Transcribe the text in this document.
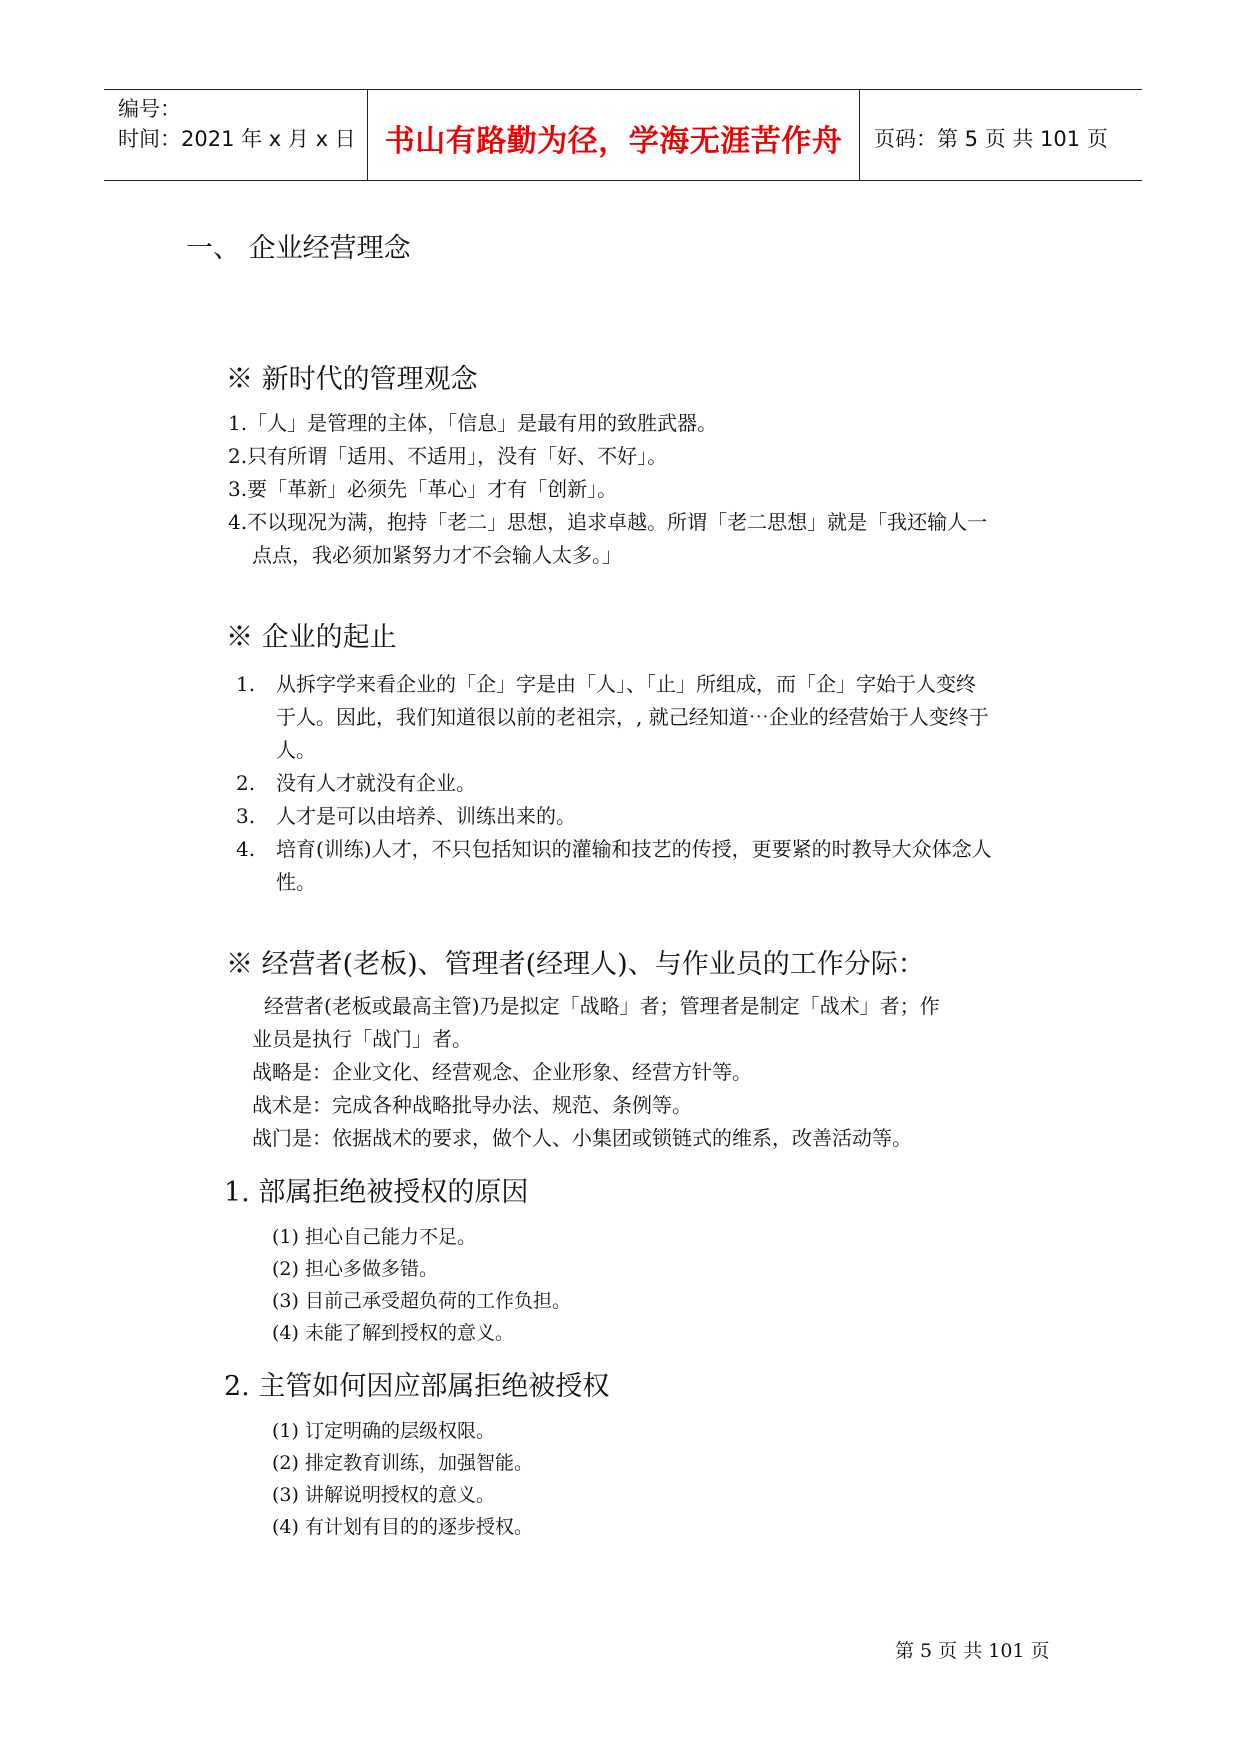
编号：
时间：2021 年 x 月 x 日 书山有路勤为径，学海无涯苦作舟	页码：第 5 页 共 101 页
一、 企业经营理念
※ 新时代的管理观念
1.「人」是管理的主体，「信息」是最有用的致胜武器。
2.只有所谓「适用、不适用」，没有「好、不好」。
3.要「革新」必须先「革心」才有「创新」。
4.不以现况为满，抱持「老二」思想，追求卓越。所谓「老二思想」就是「我还输人一
点点，我必须加紧努力才不会输人太多。」
※ 企业的起止
1. 从拆字学来看企业的「企」字是由「人」、「止」所组成，而「企」字始于人变终
于人。因此，我们知道很以前的老祖宗，, 就己经知道⋯企业的经营始于人变终于
人。
2. 没有人才就没有企业。
3. 人才是可以由培养、训练出来的。
4. 培育(训练)人才，不只包括知识的灌输和技艺的传授，更要紧的时教导大众体念人
性。
※ 经营者(老板)、管理者(经理人)、与作业员的工作分际：
经营者(老板或最高主管)乃是拟定「战略」者；管理者是制定「战术」者；作
业员是执行「战门」者。
战略是：企业文化、经营观念、企业形象、经营方针等。
战术是：完成各种战略批导办法、规范、条例等。
战门是：依据战术的要求，做个人、小集团或锁链式的维系，改善活动等。
1. 部属拒绝被授权的原因
(1) 担心自己能力不足。
(2) 担心多做多错。
(3) 目前己承受超负荷的工作负担。
(4) 未能了解到授权的意义。
2. 主管如何因应部属拒绝被授权
(1) 订定明确的层级权限。
(2) 排定教育训练，加强智能。
(3) 讲解说明授权的意义。
(4) 有计划有目的的逐步授权。
第 5 页 共 101 页
